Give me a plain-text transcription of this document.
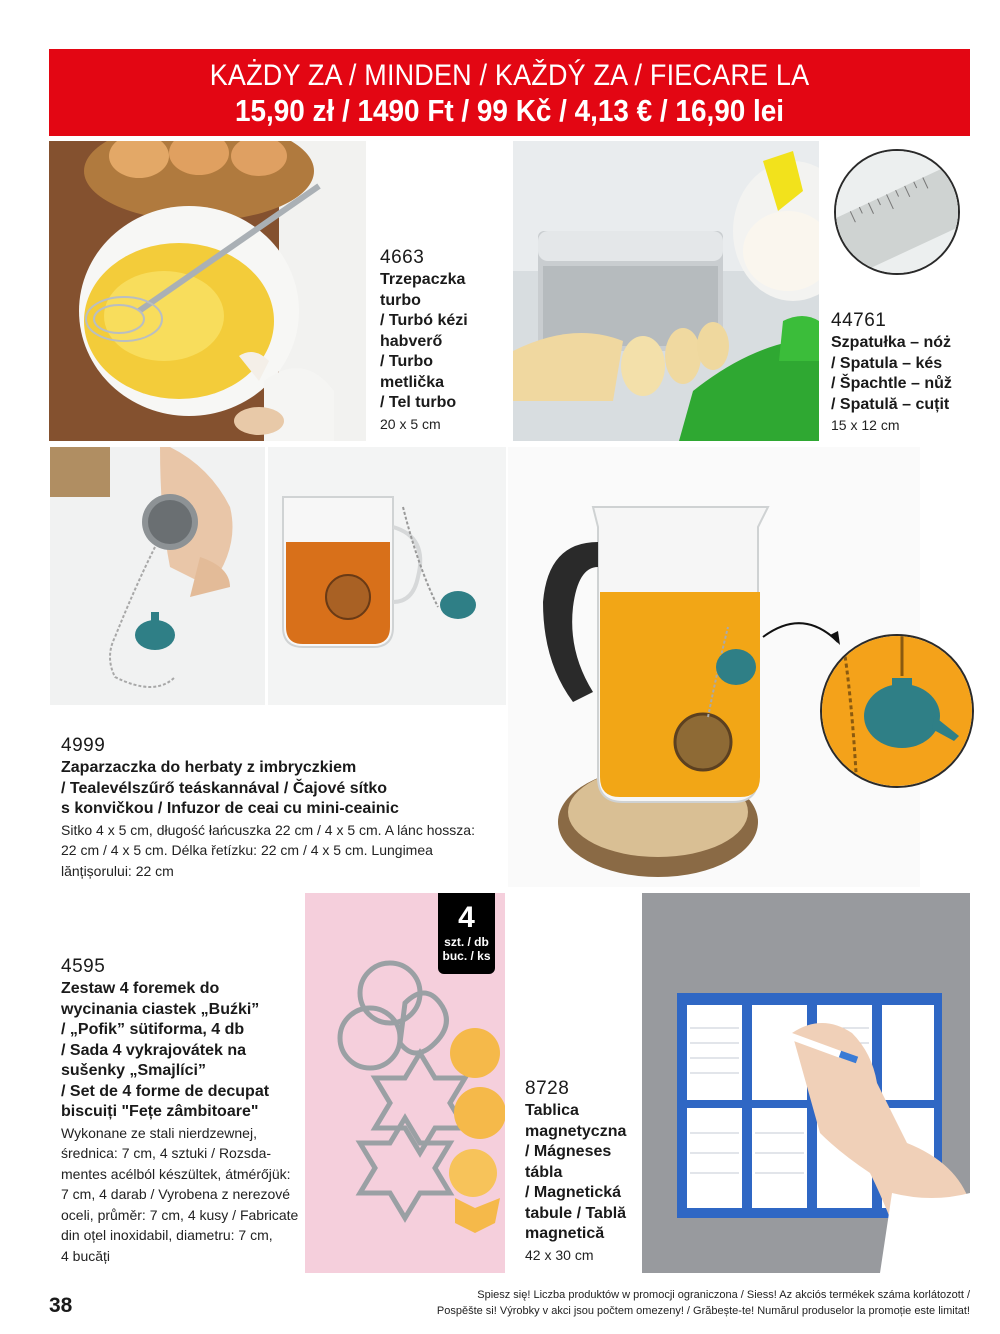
KAŻDY ZA / MINDEN / KAŽDÝ ZA / FIECARE LA
15,90 zł / 1490 Ft / 99 Kč / 4,13 € / 16,90 lei
4663
Trzepaczka
turbo
/ Turbó kézi
habverő
/ Turbo
metlička
/ Tel turbo
20 x 5 cm
44761
Szpatułka – nóż
/ Spatula – kés
/ Špachtle – nůž
/ Spatulă – cuțit
15 x 12 cm
4999
Zaparzaczka do herbaty z imbryczkiem
/ Tealevélszűrő teáskannával / Čajové sítko
s konvičkou / Infuzor de ceai cu mini-ceainic
Sitko 4 x 5 cm, długość łańcuszka 22 cm / 4 x 5 cm. A lánc hossza:
22 cm / 4 x 5 cm. Délka řetízku: 22 cm / 4 x 5 cm. Lungimea
lănțișorului: 22 cm
4
szt. / db
buc. / ks
4595
Zestaw 4 foremek do
wycinania ciastek „Buźki”
/ „Pofik” sütiforma, 4 db
/ Sada 4 vykrajovátek na
sušenky „Smajlíci”
/ Set de 4 forme de decupat
biscuiți "Fețe zâmbitoare"
Wykonane ze stali nierdzewnej,
średnica: 7 cm, 4 sztuki / Rozsda-
mentes acélból készültek, átmérőjük:
7 cm, 4 darab / Vyrobena z nerezové
oceli, průměr: 7 cm, 4 kusy / Fabricate
din oțel inoxidabil, diametru: 7 cm,
4 bucăți
8728
Tablica
magnetyczna
/ Mágneses
tábla
/ Magnetická
tabule / Tablă
magnetică
42 x 30 cm
38	Spiesz się! Liczba produktów w promocji ograniczona / Siess! Az akciós termékek száma korlátozott /
Pospěšte si! Výrobky v akci jsou počtem omezeny! / Grăbește-te! Numărul produselor la promoție este limitat!
